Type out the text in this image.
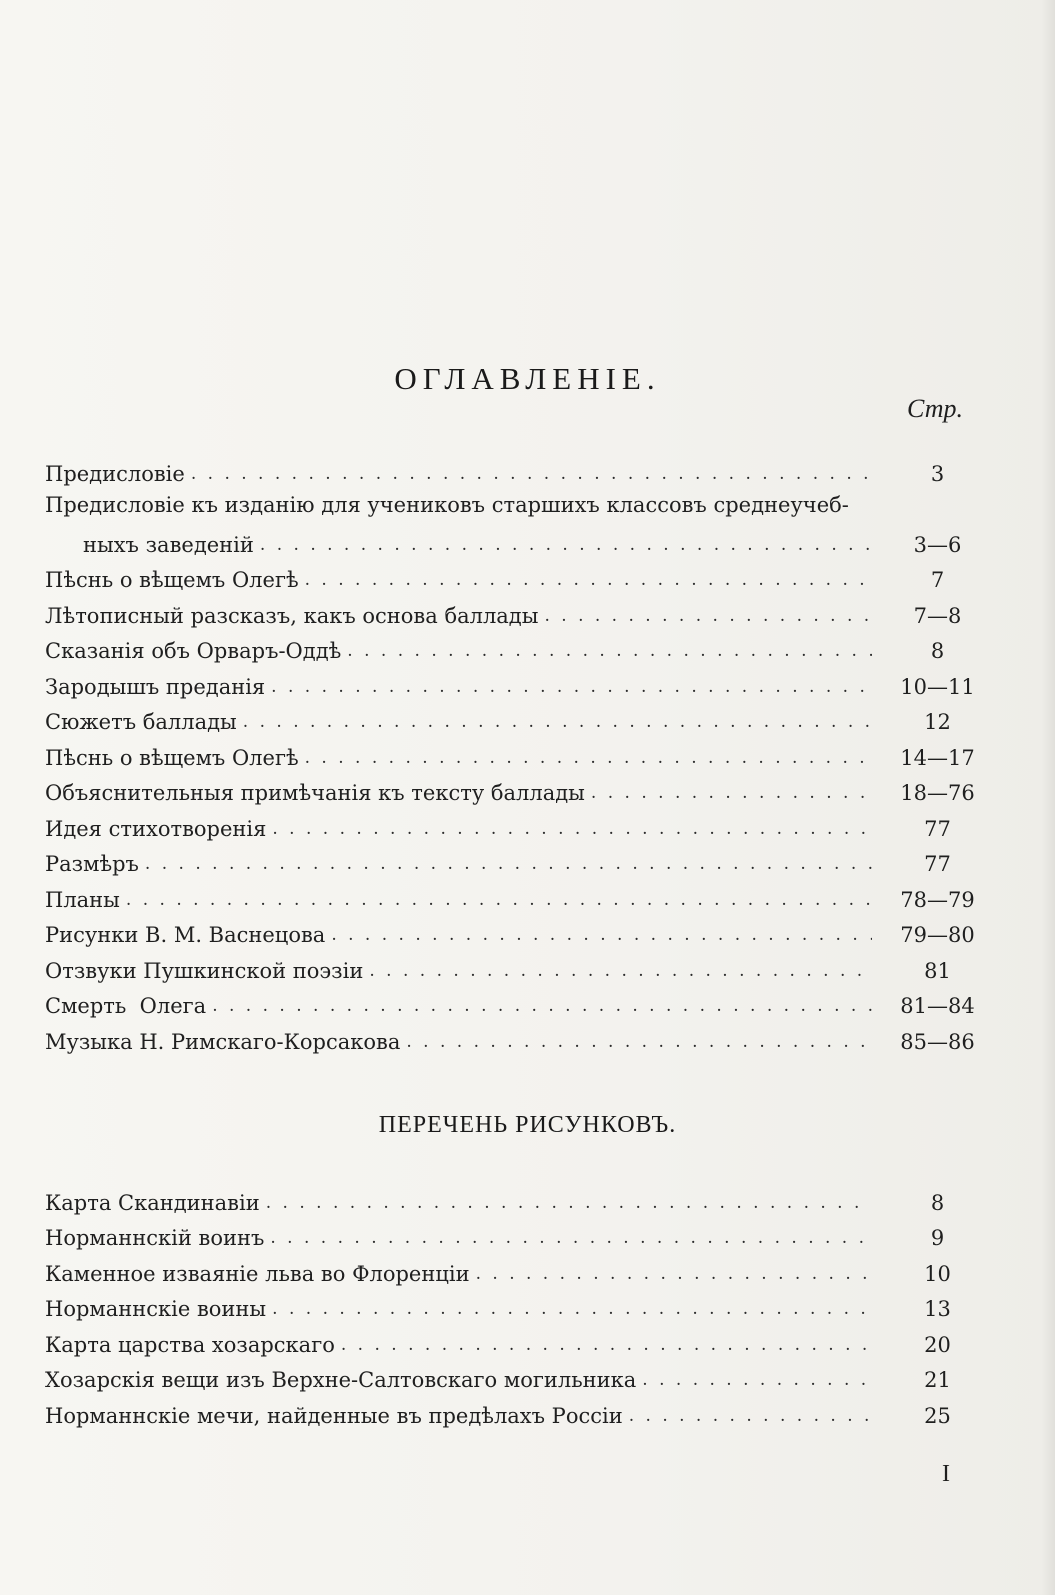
ОГЛАВЛЕНІЕ.
Стр.
Предисловіе . . .	3
Предисловіе къ изданію для учениковъ старшихъ классовъ среднеучеб-
ныхъ заведеній . . .	3—6
Пѣснь о вѣщемъ Олегѣ . . .	7
Лѣтописный разсказъ, какъ основа баллады . . .	7—8
Сказанія объ Орваръ-Оддѣ . . .	8
Зародышъ преданія . . .	10—11
Сюжетъ баллады . . .	12
Пѣснь о вѣщемъ Олегѣ . . .	14—17
Объяснительныя примѣчанія къ тексту баллады . . .	18—76
Идея стихотворенія . . .	77
Размѣръ . . .	77
Планы . . .	78—79
Рисунки В. М. Васнецова . . .	79—80
Отзвуки Пушкинской поэзіи . . .	81
Смерть  Олега . . .	81—84
Музыка Н. Римскаго-Корсакова . . .	85—86
ПЕРЕЧЕНЬ РИСУНКОВЪ.
Карта Скандинавіи . . .	8
Норманнскій воинъ . . .	9
Каменное изваяніе льва во Флоренціи . . .	10
Норманнскіе воины . . .	13
Карта царства хозарскаго . . .	20
Хозарскія вещи изъ Верхне-Салтовскаго могильника . . .	21
Норманнскіе мечи, найденные въ предѣлахъ Россіи . . .	25
I
